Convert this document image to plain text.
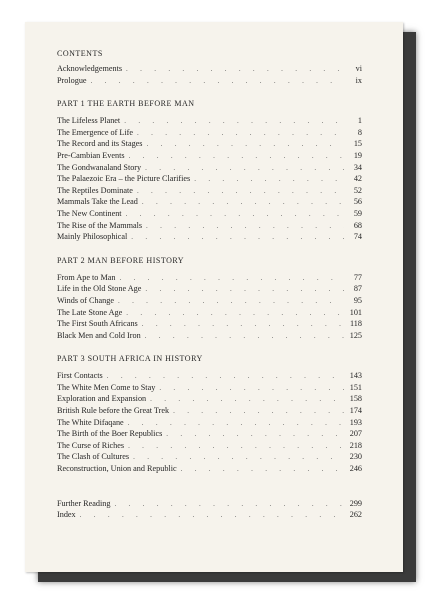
CONTENTS

Acknowledgements . . .	vi
Prologue . . .	ix

PART 1 THE EARTH BEFORE MAN

The Lifeless Planet . . .	1
The Emergence of Life . . .	8
The Record and its Stages . . .	15
Pre-Cambian Events . . .	19
The Gondwanaland Story . . .	34
The Palaezoic Era – the Picture Clarifies . . .	42
The Reptiles Dominate . . .	52
Mammals Take the Lead . . .	56
The New Continent . . .	59
The Rise of the Mammals . . .	68
Mainly Philosophical . . .	74

PART 2 MAN BEFORE HISTORY

From Ape to Man . . .	77
Life in the Old Stone Age . . .	87
Winds of Change . . .	95
The Late Stone Age . . .	101
The First South Africans . . .	118
Black Men and Cold Iron . . .	125

PART 3 SOUTH AFRICA IN HISTORY

First Contacts . . .	143
The White Men Come to Stay . . .	151
Exploration and Expansion . . .	158
British Rule before the Great Trek . . .	174
The White Difaqane . . .	193
The Birth of the Boer Republics . . .	207
The Curse of Riches . . .	218
The Clash of Cultures . . .	230
Reconstruction, Union and Republic . . .	246
Further Reading . . .	299
Index . . .	262
